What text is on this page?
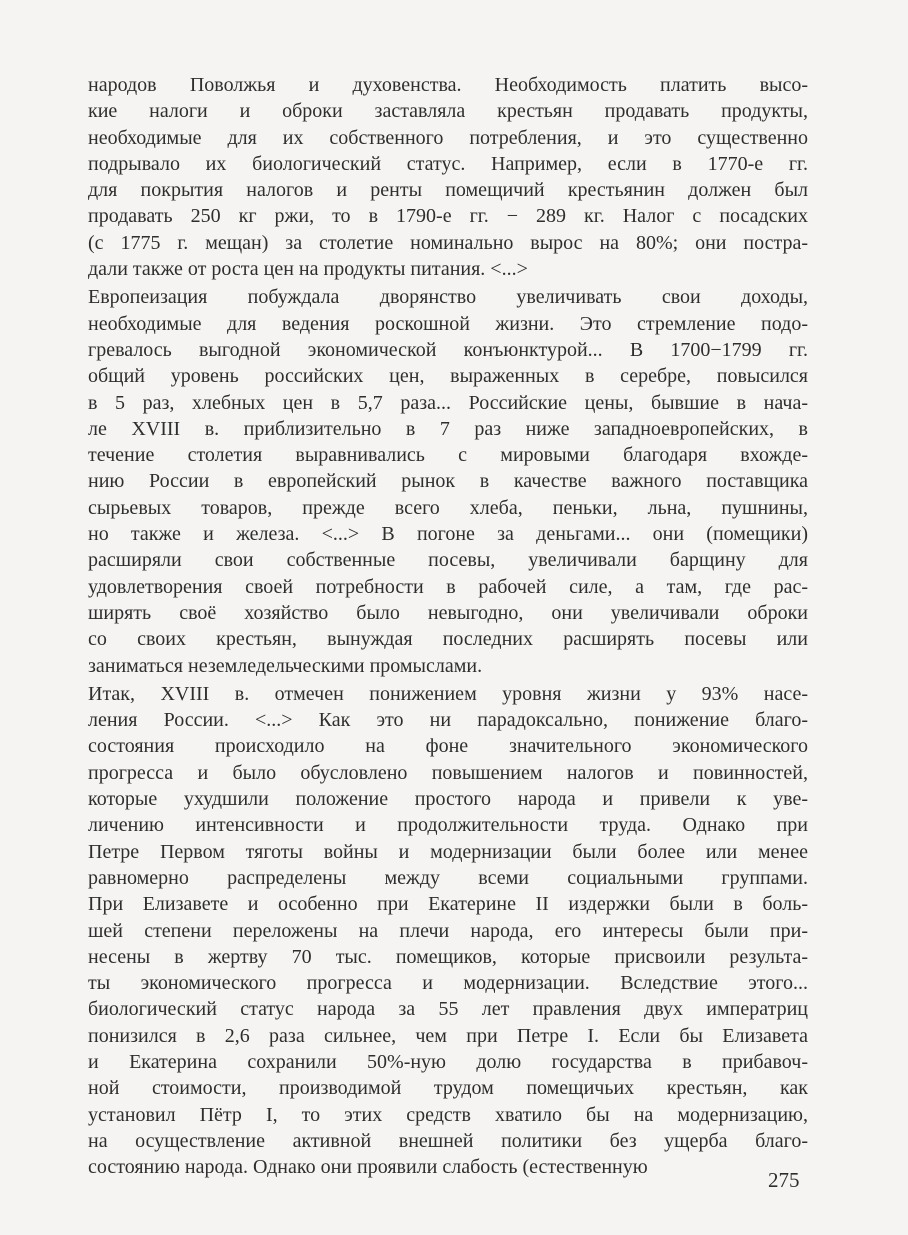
народов Поволжья и духовенства. Необходимость платить высо-
кие налоги и оброки заставляла крестьян продавать продукты,
необходимые для их собственного потребления, и это существенно
подрывало их биологический статус. Например, если в 1770-е гг.
для покрытия налогов и ренты помещичий крестьянин должен был
продавать 250 кг ржи, то в 1790-е гг. − 289 кг. Налог с посадских
(с 1775 г. мещан) за столетие номинально вырос на 80%; они постра-
дали также от роста цен на продукты питания. <...>
Европеизация побуждала дворянство увеличивать свои доходы,
необходимые для ведения роскошной жизни. Это стремление подо-
гревалось выгодной экономической конъюнктурой... В 1700−1799 гг.
общий уровень российских цен, выраженных в серебре, повысился
в 5 раз, хлебных цен в 5,7 раза... Российские цены, бывшие в нача-
ле XVIII в. приблизительно в 7 раз ниже западноевропейских, в
течение столетия выравнивались с мировыми благодаря вхожде-
нию России в европейский рынок в качестве важного поставщика
сырьевых товаров, прежде всего хлеба, пеньки, льна, пушнины,
но также и железа. <...> В погоне за деньгами... они (помещики)
расширяли свои собственные посевы, увеличивали барщину для
удовлетворения своей потребности в рабочей силе, а там, где рас-
ширять своё хозяйство было невыгодно, они увеличивали оброки
со своих крестьян, вынуждая последних расширять посевы или
заниматься неземледельческими промыслами.
Итак, XVIII в. отмечен понижением уровня жизни у 93% насе-
ления России. <...> Как это ни парадоксально, понижение благо-
состояния происходило на фоне значительного экономического
прогресса и было обусловлено повышением налогов и повинностей,
которые ухудшили положение простого народа и привели к уве-
личению интенсивности и продолжительности труда. Однако при
Петре Первом тяготы войны и модернизации были более или менее
равномерно распределены между всеми социальными группами.
При Елизавете и особенно при Екатерине II издержки были в боль-
шей степени переложены на плечи народа, его интересы были при-
несены в жертву 70 тыс. помещиков, которые присвоили результа-
ты экономического прогресса и модернизации. Вследствие этого...
биологический статус народа за 55 лет правления двух императриц
понизился в 2,6 раза сильнее, чем при Петре I. Если бы Елизавета
и Екатерина сохранили 50%-ную долю государства в прибавоч-
ной стоимости, производимой трудом помещичьих крестьян, как
установил Пётр I, то этих средств хватило бы на модернизацию,
на осуществление активной внешней политики без ущерба благо-
состоянию народа. Однако они проявили слабость (естественную
275
